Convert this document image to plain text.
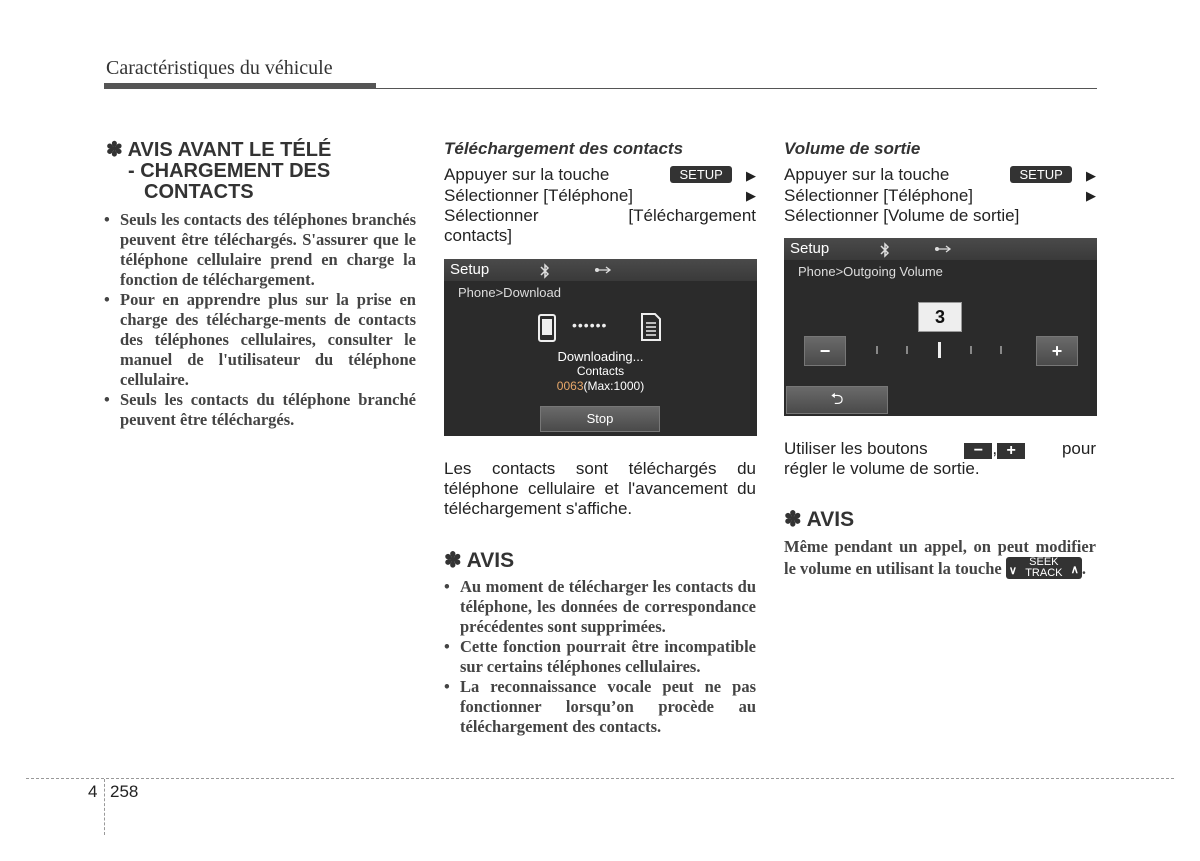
Caractéristiques du véhicule
✽ AVIS AVANT LE TÉLÉ
- CHARGEMENT DES
CONTACTS
• Seuls les contacts des téléphones branchés peuvent être téléchargés. S'assurer que le téléphone cellulaire prend en charge la fonction de téléchargement.
• Pour en apprendre plus sur la prise en charge des télécharge-ments de contacts des téléphones cellulaires, consulter le manuel de l'utilisateur du téléphone cellulaire.
• Seuls les contacts du téléphone branché peuvent être téléchargés.
Téléchargement des contacts
Appuyer sur la touche	SETUP ▶
Sélectionner [Téléphone]	▶
Sélectionner [Téléchargement
contacts]
Setup
Phone>Download
••••••
Downloading...
Contacts
0063(Max:1000)
Stop
Les contacts sont téléchargés du téléphone cellulaire et l'avancement du téléchargement s'affiche.
✽ AVIS
• Au moment de télécharger les contacts du téléphone, les données de correspondance précédentes sont supprimées.
• Cette fonction pourrait être incompatible sur certains téléphones cellulaires.
• La reconnaissance vocale peut ne pas fonctionner lorsqu’on procède au téléchargement des contacts.
Volume de sortie
Appuyer sur la touche	SETUP ▶
Sélectionner [Téléphone]	▶
Sélectionner [Volume de sortie]
Setup
Phone>Outgoing Volume
3
−	+
⮌
Utiliser les boutons	− , +	pour
régler le volume de sortie.
✽ AVIS
Même pendant un appel, on peut modifier le volume en utilisant la touche ∨
SEEK
TRACK ∧ .
4 258
